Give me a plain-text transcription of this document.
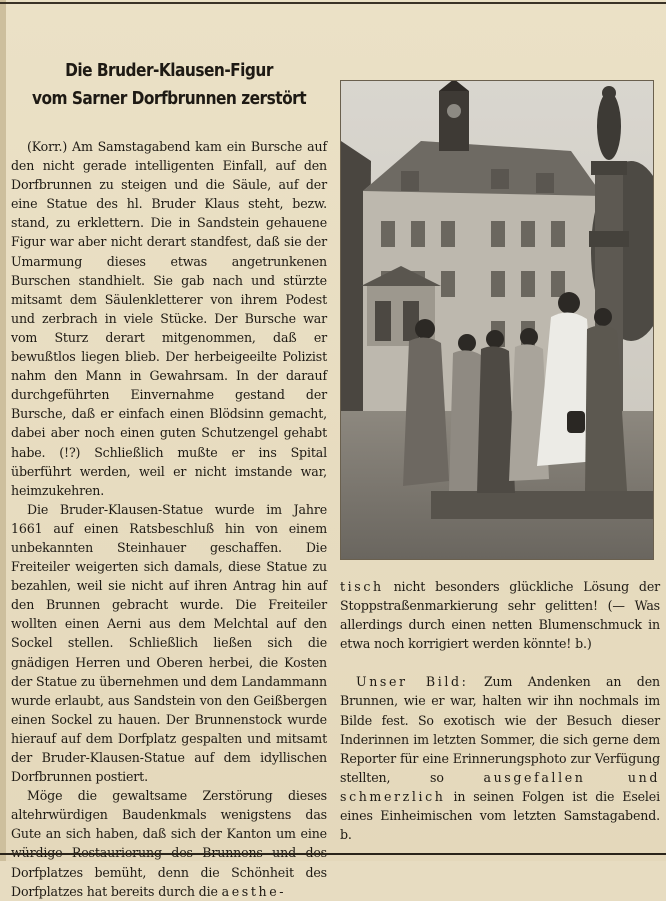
Die Bruder-Klausen-Figur
vom Sarner Dorfbrunnen zerstört

(Korr.) Am Samstagabend kam ein Bursche auf den nicht gerade intelligenten Einfall, auf den Dorfbrunnen zu steigen und die Säule, auf der eine Statue des hl. Bruder Klaus steht, bezw. stand, zu erklettern. Die in Sandstein gehauene Figur war aber nicht derart standfest, daß sie der Umarmung dieses etwas angetrunkenen Burschen standhielt. Sie gab nach und stürzte mitsamt dem Säulenkletterer von ihrem Podest und zerbrach in viele Stücke. Der Bursche war vom Sturz derart mitgenommen, daß er bewußtlos liegen blieb. Der herbeigeeilte Polizist nahm den Mann in Gewahrsam. In der darauf durchgeführten Einvernahme gestand der Bursche, daß er einfach einen Blödsinn gemacht, dabei aber noch einen guten Schutzengel gehabt habe. (!?) Schließlich mußte er ins Spital überführt werden, weil er nicht imstande war, heimzukehren.

Die Bruder-Klausen-Statue wurde im Jahre 1661 auf einen Ratsbeschluß hin von einem unbekannten Steinhauer geschaffen. Die Freiteiler weigerten sich damals, diese Statue zu bezahlen, weil sie nicht auf ihren Antrag hin auf den Brunnen gebracht wurde. Die Freiteiler wollten einen Aerni aus dem Melchtal auf den Sockel stellen. Schließlich ließen sich die gnädigen Herren und Oberen herbei, die Kosten der Statue zu übernehmen und dem Landammann wurde erlaubt, aus Sandstein von den Geißbergen einen Sockel zu hauen. Der Brunnenstock wurde hierauf auf dem Dorfplatz gespalten und mitsamt der Bruder-Klausen-Statue auf dem idyllischen Dorfbrunnen postiert.

Möge die gewaltsame Zerstörung dieses altehrwürdigen Baudenkmals wenigstens das Gute an sich haben, daß sich der Kanton um eine Dorfplatzes bemüht, denn die Schönheit des Dorfplatzes hat bereits durch die aesthe-

tisch nicht besonders glückliche Lösung der Stoppstraßenmarkierung sehr gelitten! (— Was allerdings durch einen netten Blumenschmuck in etwa noch korrigiert werden könnte! b.)

Unser Bild: Zum Andenken an den Brunnen, wie er war, halten wir ihn nochmals im Bilde fest. So exotisch wie der Besuch dieser Inderinnen im letzten Sommer, die sich gerne dem Reporter für eine Erinnerungsphoto zur Verfügung stellten, so	ausgefallen und schmerzlich in seinen Folgen ist die Eselei eines Einheimischen vom letzten Samstagabend. b.
